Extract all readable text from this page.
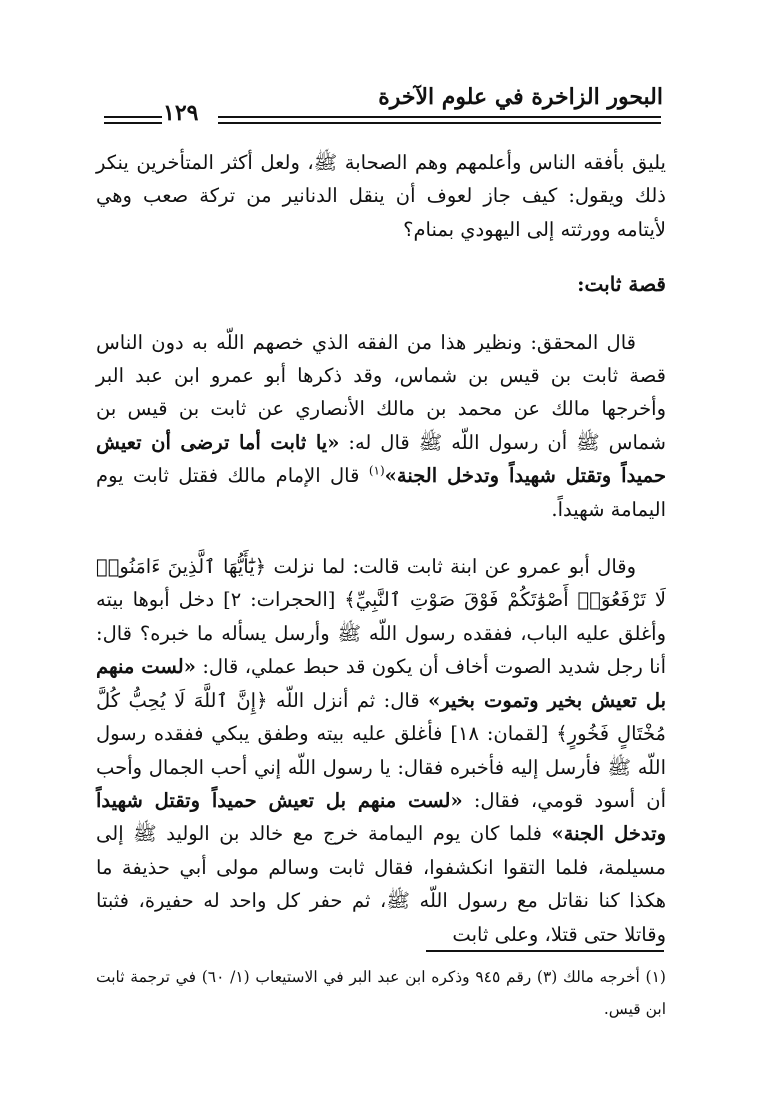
البحور الزاخرة في علوم الآخرة
١٢٩

يليق بأفقه الناس وأعلمهم وهم الصحابة ﷺ، ولعل أكثر المتأخرين ينكر ذلك ويقول: كيف جاز لعوف أن ينقل الدنانير من تركة صعب وهي لأيتامه وورثته إلى اليهودي بمنام؟

قصة ثابت:

قال المحقق: ونظير هذا من الفقه الذي خصهم اللّه به دون الناس قصة ثابت بن قيس بن شماس، وقد ذكرها أبو عمرو ابن عبد البر وأخرجها مالك عن محمد بن مالك الأنصاري عن ثابت بن قيس بن شماس ﷺ أن رسول اللّه ﷺ قال له: «يا ثابت أما ترضى أن تعيش حميداً وتقتل شهيداً وتدخل الجنة»$^{(١)}$ قال الإمام مالك فقتل ثابت يوم اليمامة شهيداً.

وقال أبو عمرو عن ابنة ثابت قالت: لما نزلت ﴿يَٰٓأَيُّهَا ٱلَّذِينَ ءَامَنُوا۟ لَا تَرْفَعُوٓا۟ أَصْوَٰتَكُمْ فَوْقَ صَوْتِ ٱلنَّبِيِّ﴾ [الحجرات: ٢] دخل أبوها بيته وأغلق عليه الباب، ففقده رسول اللّه ﷺ وأرسل يسأله ما خبره؟ قال: أنا رجل شديد الصوت أخاف أن يكون قد حبط عملي، قال: «لست منهم بل تعيش بخير وتموت بخير» قال: ثم أنزل اللّه ﴿إِنَّ ٱللَّهَ لَا يُحِبُّ كُلَّ مُخْتَالٍ فَخُورٍ﴾ [لقمان: ١٨] فأغلق عليه بيته وطفق يبكي ففقده رسول اللّه ﷺ فأرسل إليه فأخبره فقال: يا رسول اللّه إني أحب الجمال وأحب أن أسود قومي، فقال: «لست منهم بل تعيش حميداً وتقتل شهيداً وتدخل الجنة» فلما كان يوم اليمامة خرج مع خالد بن الوليد ﷺ إلى مسيلمة، فلما التقوا انكشفوا، فقال ثابت وسالم مولى أبي حذيفة ما هكذا كنا نقاتل مع رسول اللّه ﷺ، ثم حفر كل واحد له حفيرة، فثبتا وقاتلا حتى قتلا، وعلى ثابت

(١) أخرجه مالك (٣) رقم ٩٤٥ وذكره ابن عبد البر في الاستيعاب (١/ ٦٠) في ترجمة ثابت ابن قيس.
